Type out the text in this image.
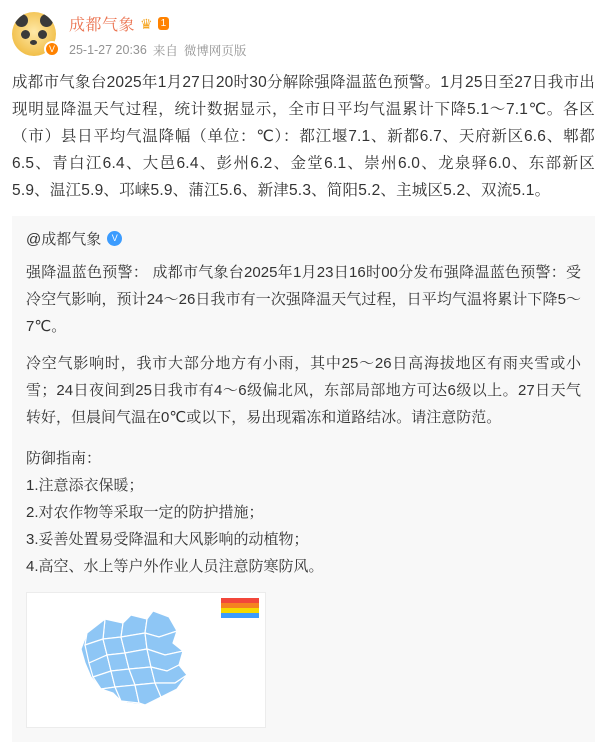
V
成都气象 ♛ 1
25-1-27 20:36 来自 微博网页版
成都市气象台2025年1月27日20时30分解除强降温蓝色预警。1月25日至27日我市出现明显降温天气过程，统计数据显示，全市日平均气温累计下降5.1～7.1℃。各区（市）县日平均气温降幅（单位：℃）：都江堰7.1、新都6.7、天府新区6.6、郫都6.5、青白江6.4、大邑6.4、彭州6.2、金堂6.1、崇州6.0、龙泉驿6.0、东部新区5.9、温江5.9、邛崃5.9、蒲江5.6、新津5.3、简阳5.2、主城区5.2、双流5.1。
@成都气象	V
强降温蓝色预警： 成都市气象台2025年1月23日16时00分发布强降温蓝色预警：受冷空气影响，预计24～26日我市有一次强降温天气过程，日平均气温将累计下降5～7℃。
冷空气影响时，我市大部分地方有小雨，其中25～26日高海拔地区有雨夹雪或小雪；24日夜间到25日我市有4～6级偏北风，东部局部地方可达6级以上。27日天气转好，但晨间气温在0℃或以下，易出现霜冻和道路结冰。请注意防范。
防御指南：
1.注意添衣保暖；
2.对农作物等采取一定的防护措施；
3.妥善处置易受降温和大风影响的动植物；
4.高空、水上等户外作业人员注意防寒防风。
